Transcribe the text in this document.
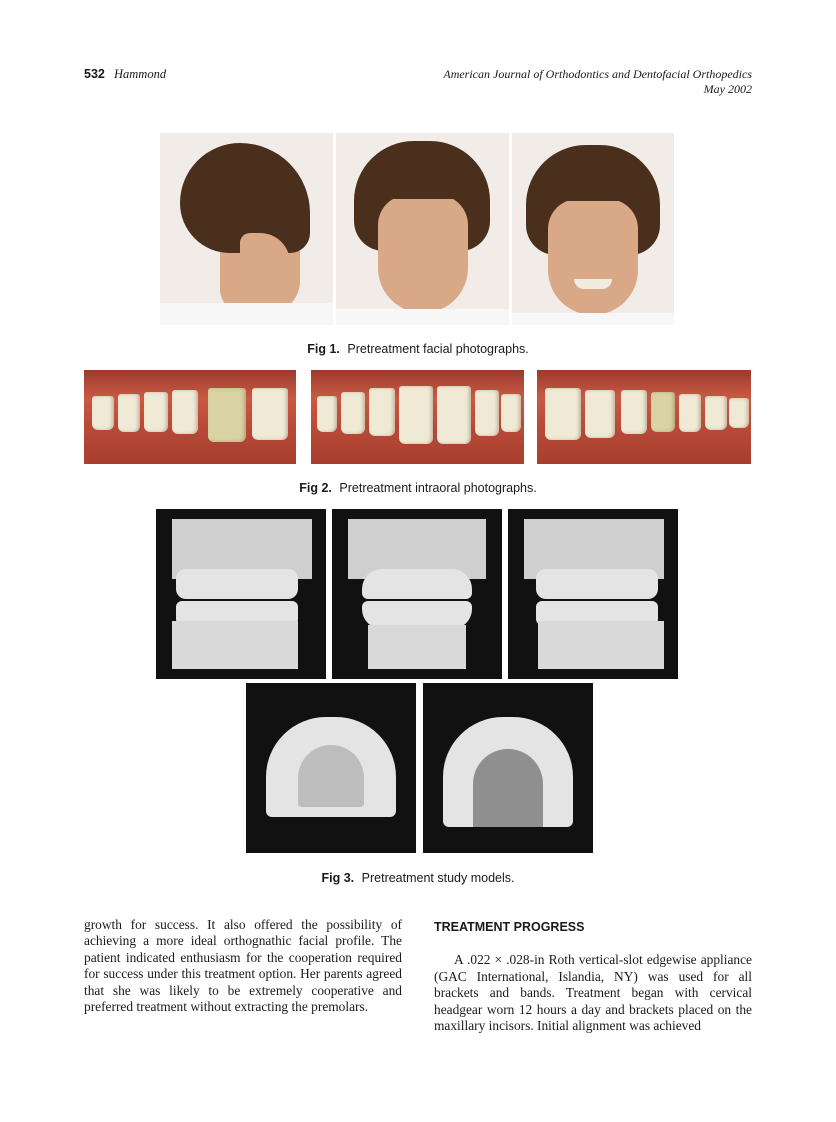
532 Hammond	American Journal of Orthodontics and Dentofacial Orthopedics
May 2002
Fig 1. Pretreatment facial photographs.
Fig 2. Pretreatment intraoral photographs.
Fig 3. Pretreatment study models.
growth for success. It also offered the possibility of achieving a more ideal orthognathic facial profile. The patient indicated enthusiasm for the cooperation required for success under this treatment option. Her parents agreed that she was likely to be extremely cooperative and preferred treatment without extracting the premolars.
TREATMENT PROGRESS
A .022 × .028-in Roth vertical-slot edgewise appliance (GAC International, Islandia, NY) was used for all brackets and bands. Treatment began with cervical headgear worn 12 hours a day and brackets placed on the maxillary incisors. Initial alignment was achieved
